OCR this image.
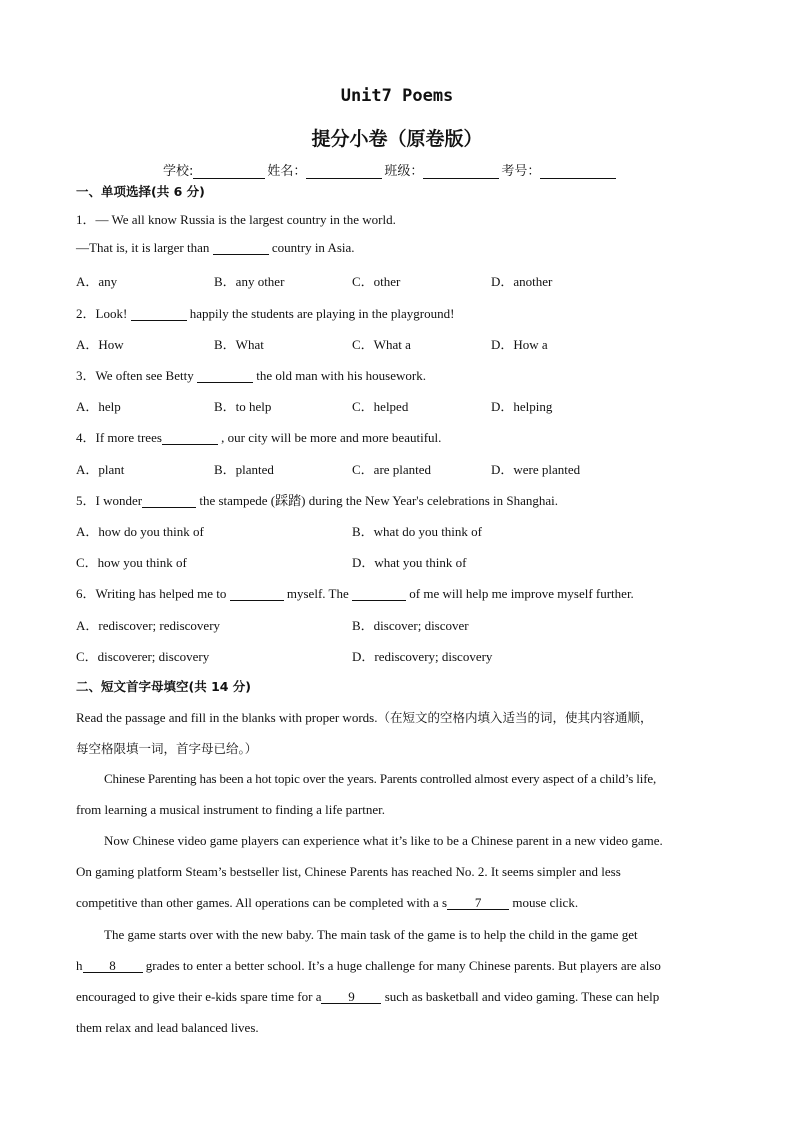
Unit7 Poems
提分小卷（原卷版）
学校:	姓名：	班级：	考号：
一、单项选择(共 6 分)
1．— We all know Russia is the largest country in the world.
—That is, it is larger than	country in Asia.
A．any	B．any other	C．other	D．another
2．Look!	happily the students are playing in the playground!
A．How	B．What	C．What a	D．How a
3．We often see Betty	the old man with his housework.
A．help	B．to help	C．helped	D．helping
4．If more trees	, our city will be more and more beautiful.
A．plant	B．planted	C．are planted	D．were planted
5．I wonder	the stampede (踩踏) during the New Year's celebrations in Shanghai.
A．how do you think of	B．what do you think of
C．how you think of	D．what you think of
6．Writing has helped me to	myself. The	of me will help me improve myself further.
A．rediscover; rediscovery	B．discover; discover
C．discoverer; discovery	D．rediscovery; discovery
二、短文首字母填空(共 14 分)
Read the passage and fill in the blanks with proper words.（在短文的空格内填入适当的词，使其内容通顺，
每空格限填一词，首字母已给。）
Chinese Parenting has been a hot topic over the years. Parents controlled almost every aspect of a child’s life,
from learning a musical instrument to finding a life partner.
Now Chinese video game players can experience what it’s like to be a Chinese parent in a new video game.
On gaming platform Steam’s bestseller list, Chinese Parents has reached No. 2. It seems simpler and less
competitive than other games. All operations can be completed with a s 7 mouse click.
The game starts over with the new baby. The main task of the game is to help the child in the game get
h 8 grades to enter a better school. It’s a huge challenge for many Chinese parents. But players are also
encouraged to give their e-kids spare time for a 9 such as basketball and video gaming. These can help
them relax and lead balanced lives.
